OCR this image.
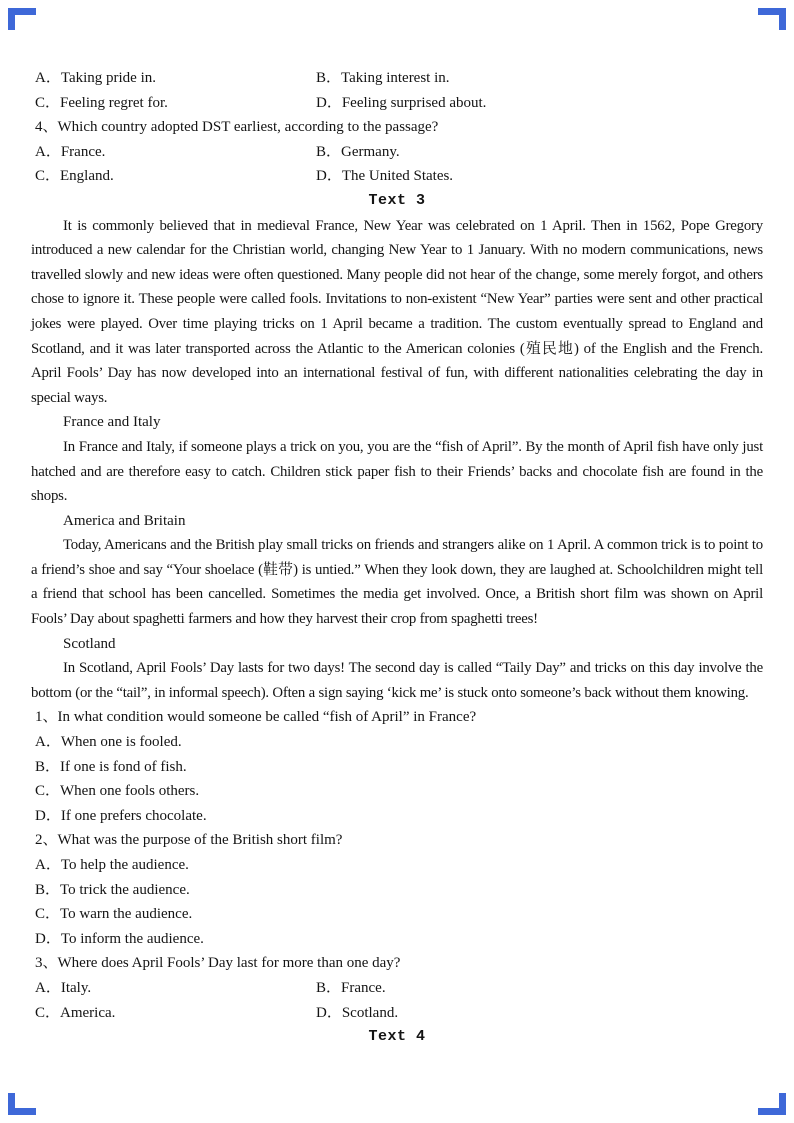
A．Taking pride in.	B．Taking interest in.
C．Feeling regret for.	D．Feeling surprised about.
4、Which country adopted DST earliest, according to the passage?
A．France.	B．Germany.
C．England.	D．The United States.
Text 3

It is commonly believed that in medieval France, New Year was celebrated on 1 April. Then in 1562, Pope Gregory introduced a new calendar for the Christian world, changing New Year to 1 January. With no modern communications, news travelled slowly and new ideas were often questioned. Many people did not hear of the change, some merely forgot, and others chose to ignore it. These people were called fools. Invitations to non-existent “New Year” parties were sent and other practical jokes were played. Over time playing tricks on 1 April became a tradition. The custom eventually spread to England and Scotland, and it was later transported across the Atlantic to the American colonies (殖民地) of the English and the French. April Fools’ Day has now developed into an international festival of fun, with different nationalities celebrating the day in special ways.

France and Italy

In France and Italy, if someone plays a trick on you, you are the “fish of April”. By the month of April fish have only just hatched and are therefore easy to catch. Children stick paper fish to their Friends’ backs and chocolate fish are found in the shops.

America and Britain

Today, Americans and the British play small tricks on friends and strangers alike on 1 April. A common trick is to point to a friend’s shoe and say “Your shoelace (鞋带) is untied.” When they look down, they are laughed at. Schoolchildren might tell a friend that school has been cancelled. Sometimes the media get involved. Once, a British short film was shown on April Fools’ Day about spaghetti farmers and how they harvest their crop from spaghetti trees!

Scotland

In Scotland, April Fools’ Day lasts for two days! The second day is called “Taily Day” and tricks on this day involve the bottom (or the “tail”, in informal speech). Often a sign saying ‘kick me’ is stuck onto someone’s back without them knowing.

1、In what condition would someone be called “fish of April” in France?
A．When one is fooled.
B．If one is fond of fish.
C．When one fools others.
D．If one prefers chocolate.
2、What was the purpose of the British short film?
A．To help the audience.
B．To trick the audience.
C．To warn the audience.
D．To inform the audience.
3、Where does April Fools’ Day last for more than one day?
A．Italy.	B．France.
C．America.	D．Scotland.
Text 4
